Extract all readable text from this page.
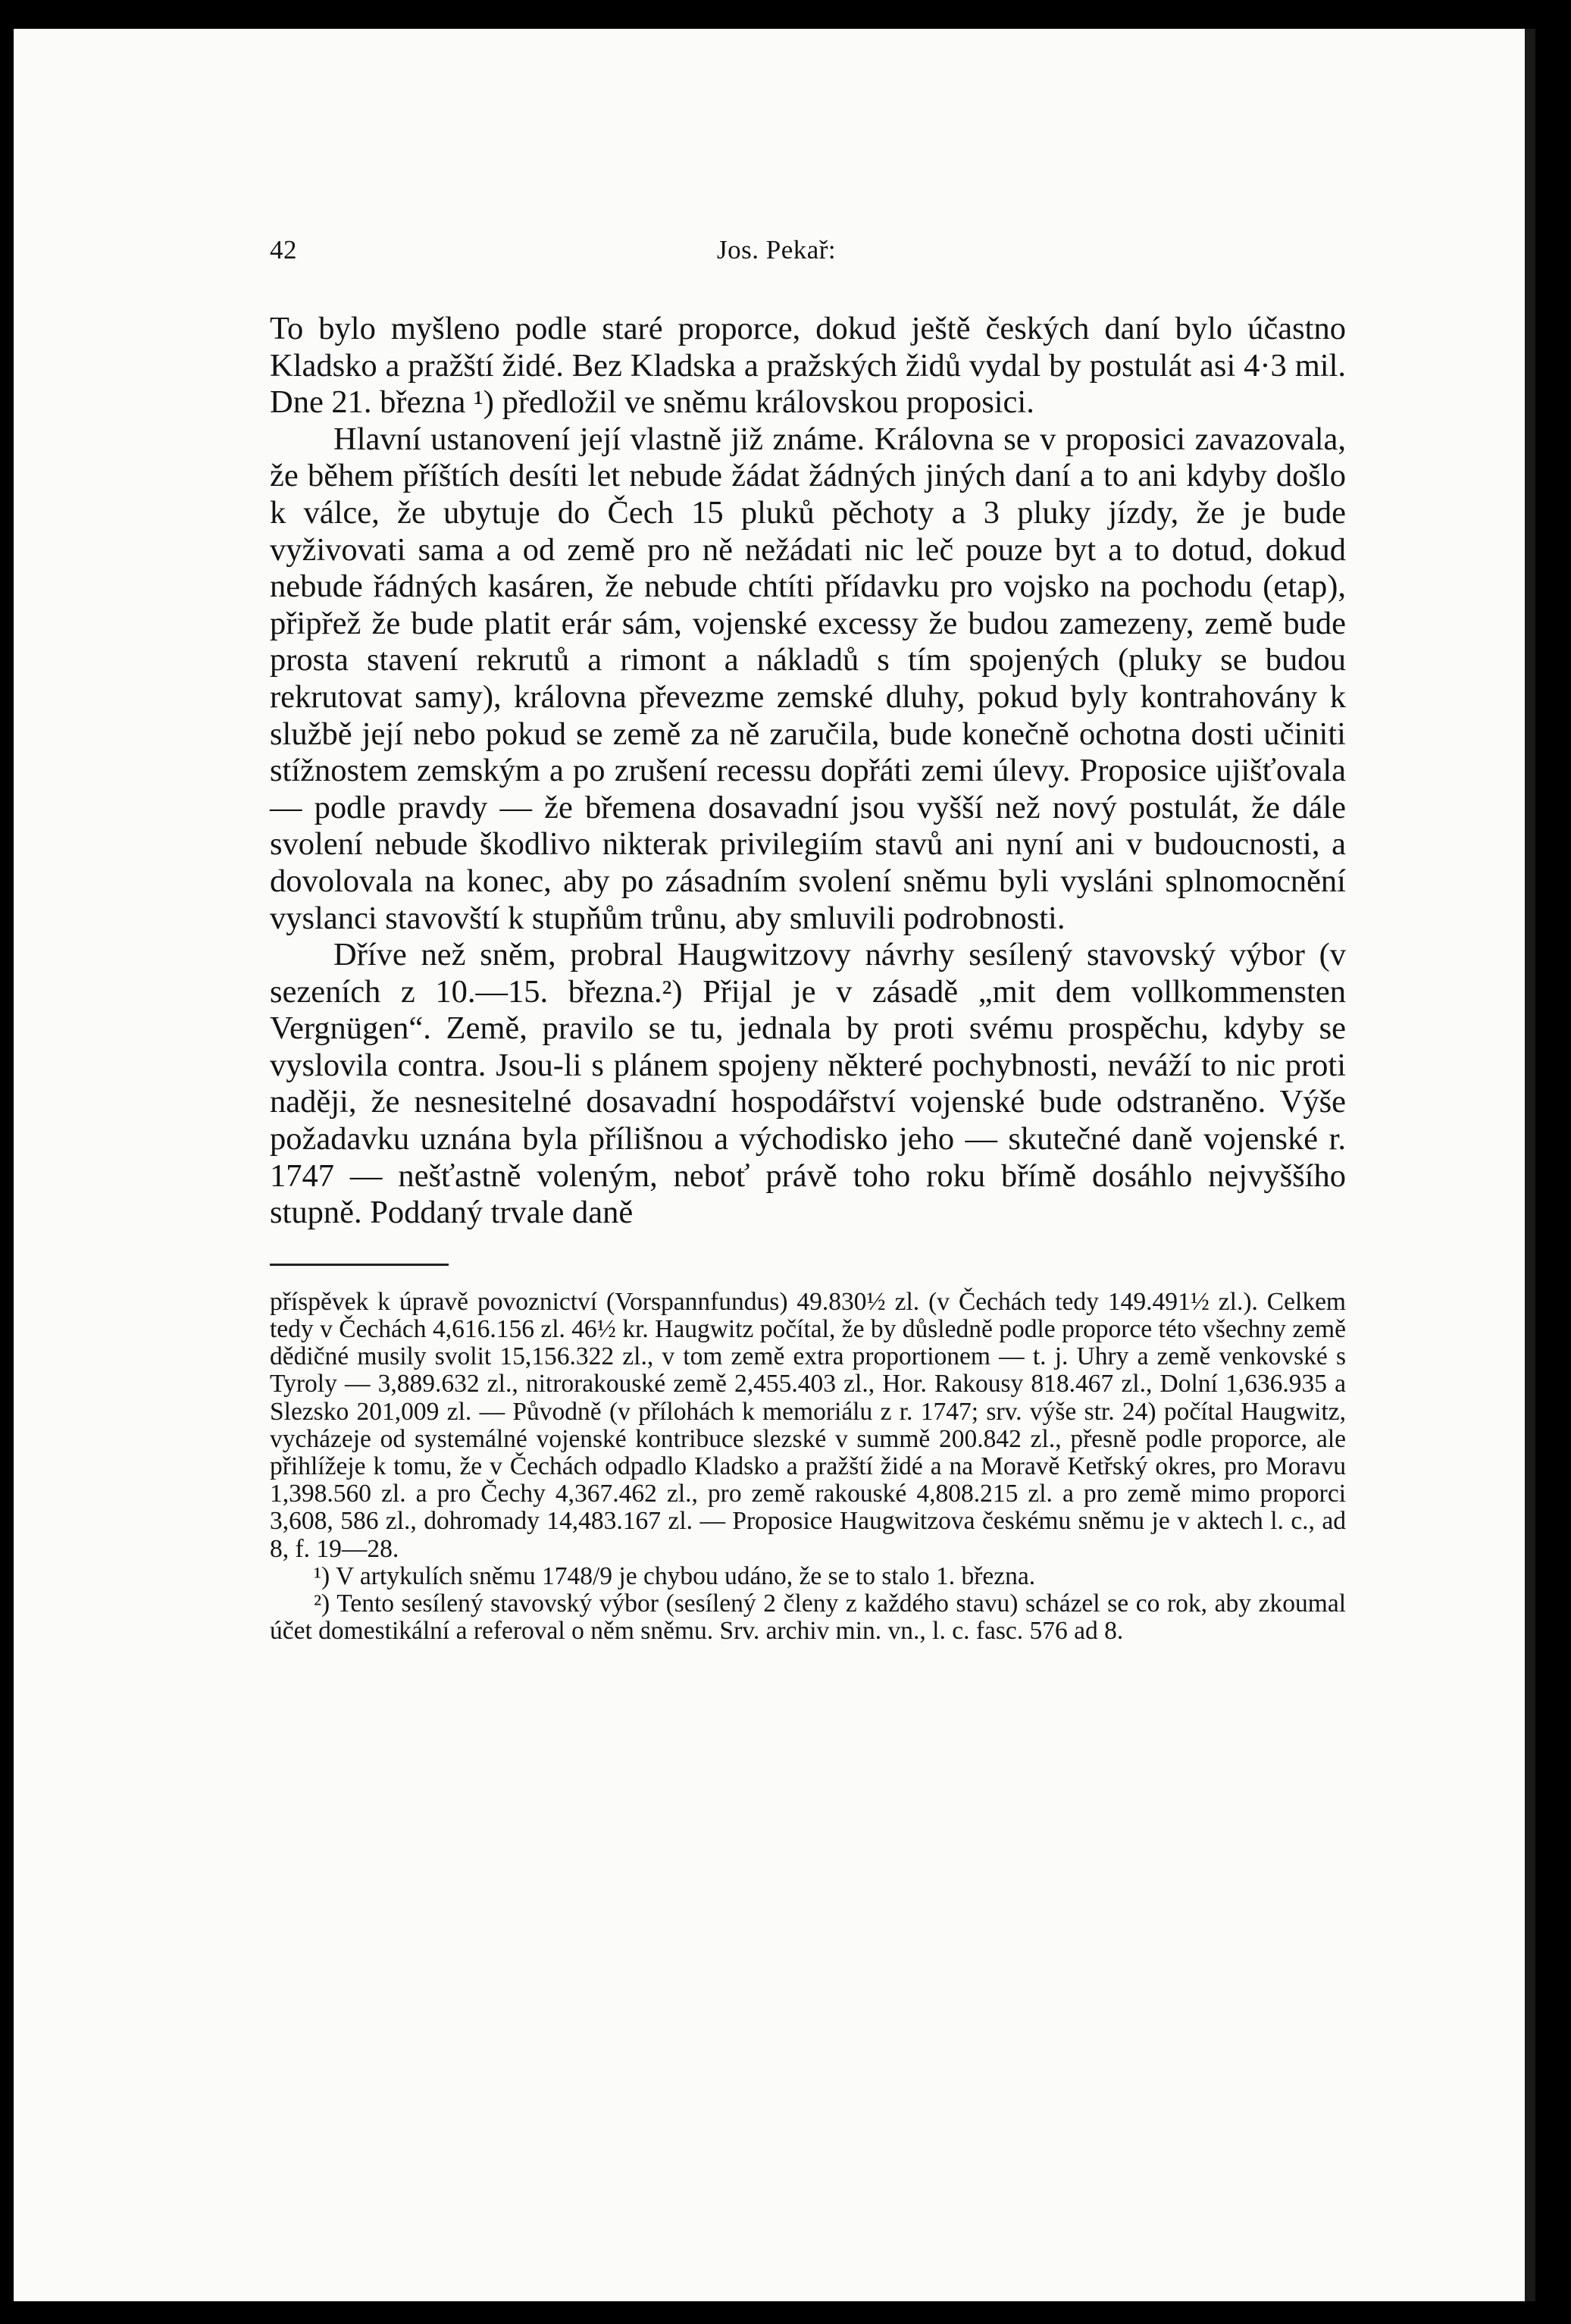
42	Jos. Pekař:

To bylo myšleno podle staré proporce, dokud ještě českých daní bylo účastno Kladsko a pražští židé. Bez Kladska a pražských židů vydal by postulát asi 4·3 mil. Dne 21. března ¹) předložil ve sněmu královskou proposici.

Hlavní ustanovení její vlastně již známe. Královna se v proposici zavazovala, že během příštích desíti let nebude žádat žádných jiných daní a to ani kdyby došlo k válce, že ubytuje do Čech 15 pluků pěchoty a 3 pluky jízdy, že je bude vyživovati sama a od země pro ně nežádati nic leč pouze byt a to dotud, dokud nebude řádných kasáren, že nebude chtíti přídavku pro vojsko na pochodu (etap), připřež že bude platit erár sám, vojenské excessy že budou zamezeny, země bude prosta stavení rekrutů a rimont a nákladů s tím spojených (pluky se budou rekrutovat samy), královna převezme zemské dluhy, pokud byly kontrahovány k službě její nebo pokud se země za ně zaručila, bude konečně ochotna dosti učiniti stížnostem zemským a po zrušení recessu dopřáti zemi úlevy. Proposice ujišťovala — podle pravdy — že břemena dosavadní jsou vyšší než nový postulát, že dále svolení nebude škodlivo nikterak privilegiím stavů ani nyní ani v budoucnosti, a dovolovala na konec, aby po zásadním svolení sněmu byli vysláni splnomocnění vyslanci stavovští k stupňům trůnu, aby smluvili podrobnosti.

Dříve než sněm, probral Haugwitzovy návrhy sesílený stavovský výbor (v sezeních z 10.—15. března.²) Přijal je v zásadě „mit dem vollkommensten Vergnügen“. Země, pravilo se tu, jednala by proti svému prospěchu, kdyby se vyslovila contra. Jsou-li s plánem spojeny některé pochybnosti, neváží to nic proti naději, že nesnesitelné dosavadní hospodářství vojenské bude odstraněno. Výše požadavku uznána byla přílišnou a východisko jeho — skutečné daně vojenské r. 1747 — nešťastně voleným, neboť právě toho roku břímě dosáhlo nejvyššího stupně. Poddaný trvale daně

příspěvek k úpravě povoznictví (Vorspannfundus) 49.830½ zl. (v Čechách tedy 149.491½ zl.). Celkem tedy v Čechách 4,616.156 zl. 46½ kr. Haugwitz počítal, že by důsledně podle proporce této všechny země dědičné musily svolit 15,156.322 zl., v tom země extra proportionem — t. j. Uhry a země venkovské s Tyroly — 3,889.632 zl., nitrorakouské země 2,455.403 zl., Hor. Rakousy 818.467 zl., Dolní 1,636.935 a Slezsko 201,009 zl. — Původně (v přílohách k memoriálu z r. 1747; srv. výše str. 24) počítal Haugwitz, vycházeje od systemálné vojenské kontribuce slezské v summě 200.842 zl., přesně podle proporce, ale přihlížeje k tomu, že v Čechách odpadlo Kladsko a pražští židé a na Moravě Ketřský okres, pro Moravu 1,398.560 zl. a pro Čechy 4,367.462 zl., pro země rakouské 4,808.215 zl. a pro země mimo proporci 3,608, 586 zl., dohromady 14,483.167 zl. — Proposice Haugwitzova českému sněmu je v aktech l. c., ad 8, f. 19—28.

¹) V artykulích sněmu 1748/9 je chybou udáno, že se to stalo 1. března.

²) Tento sesílený stavovský výbor (sesílený 2 členy z každého stavu) scházel se co rok, aby zkoumal účet domestikální a referoval o něm sněmu. Srv. archiv min. vn., l. c. fasc. 576 ad 8.
